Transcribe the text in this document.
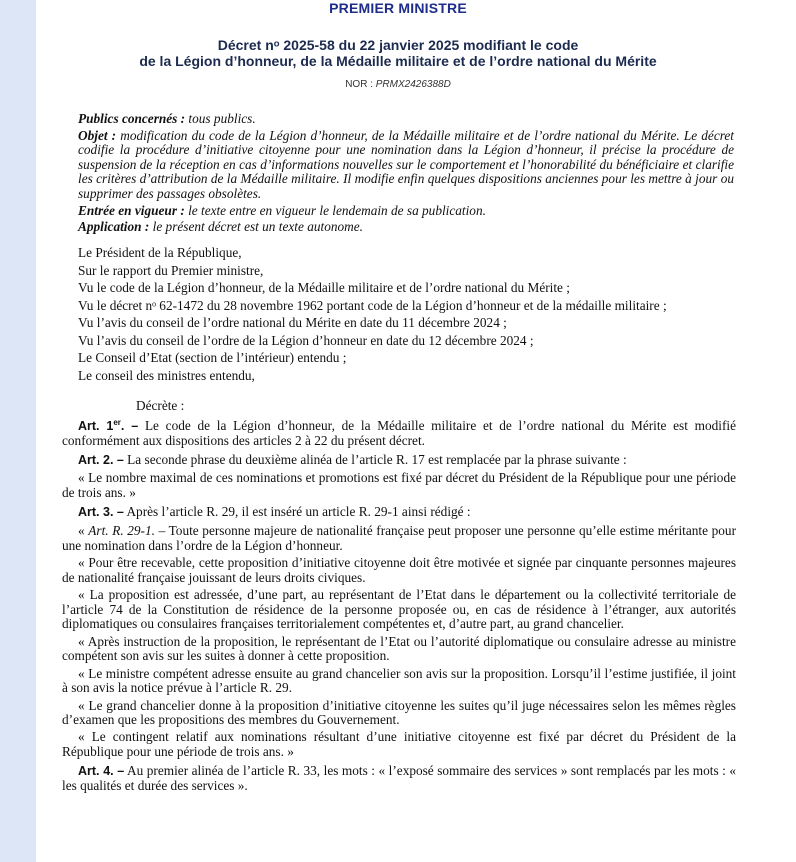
PREMIER MINISTRE
Décret nᵒ 2025-58 du 22 janvier 2025 modifiant le code
de la Légion d’honneur, de la Médaille militaire et de l’ordre national du Mérite
NOR : PRMX2426388D

Publics concernés : tous publics.

Objet : modification du code de la Légion d’honneur, de la Médaille militaire et de l’ordre national du Mérite. Le décret codifie la procédure d’initiative citoyenne pour une nomination dans la Légion d’honneur, il précise la procédure de suspension de la réception en cas d’informations nouvelles sur le comportement et l’honorabilité du bénéficiaire et clarifie les critères d’attribution de la Médaille militaire. Il modifie enfin quelques dispositions anciennes pour les mettre à jour ou supprimer des passages obsolètes.

Entrée en vigueur : le texte entre en vigueur le lendemain de sa publication.

Application : le présent décret est un texte autonome.

Le Président de la République,

Sur le rapport du Premier ministre,

Vu le code de la Légion d’honneur, de la Médaille militaire et de l’ordre national du Mérite ;

Vu le décret nᵒ 62-1472 du 28 novembre 1962 portant code de la Légion d’honneur et de la médaille militaire ;

Vu l’avis du conseil de l’ordre national du Mérite en date du 11 décembre 2024 ;

Vu l’avis du conseil de l’ordre de la Légion d’honneur en date du 12 décembre 2024 ;

Le Conseil d’Etat (section de l’intérieur) entendu ;

Le conseil des ministres entendu,

Décrète :

Art. 1er. – Le code de la Légion d’honneur, de la Médaille militaire et de l’ordre national du Mérite est modifié conformément aux dispositions des articles 2 à 22 du présent décret.

Art. 2. – La seconde phrase du deuxième alinéa de l’article R. 17 est remplacée par la phrase suivante :

« Le nombre maximal de ces nominations et promotions est fixé par décret du Président de la République pour une période de trois ans. »

Art. 3. – Après l’article R. 29, il est inséré un article R. 29-1 ainsi rédigé :

« Art. R. 29-1. – Toute personne majeure de nationalité française peut proposer une personne qu’elle estime méritante pour une nomination dans l’ordre de la Légion d’honneur.

« Pour être recevable, cette proposition d’initiative citoyenne doit être motivée et signée par cinquante personnes majeures de nationalité française jouissant de leurs droits civiques.

« La proposition est adressée, d’une part, au représentant de l’Etat dans le département ou la collectivité territoriale de l’article 74 de la Constitution de résidence de la personne proposée ou, en cas de résidence à l’étranger, aux autorités diplomatiques ou consulaires françaises territorialement compétentes et, d’autre part, au grand chancelier.

« Après instruction de la proposition, le représentant de l’Etat ou l’autorité diplomatique ou consulaire adresse au ministre compétent son avis sur les suites à donner à cette proposition.

« Le ministre compétent adresse ensuite au grand chancelier son avis sur la proposition. Lorsqu’il l’estime justifiée, il joint à son avis la notice prévue à l’article R. 29.

« Le grand chancelier donne à la proposition d’initiative citoyenne les suites qu’il juge nécessaires selon les mêmes règles d’examen que les propositions des membres du Gouvernement.

« Le contingent relatif aux nominations résultant d’une initiative citoyenne est fixé par décret du Président de la République pour une période de trois ans. »

Art. 4. – Au premier alinéa de l’article R. 33, les mots : « l’exposé sommaire des services » sont remplacés par les mots : « les qualités et durée des services ».
